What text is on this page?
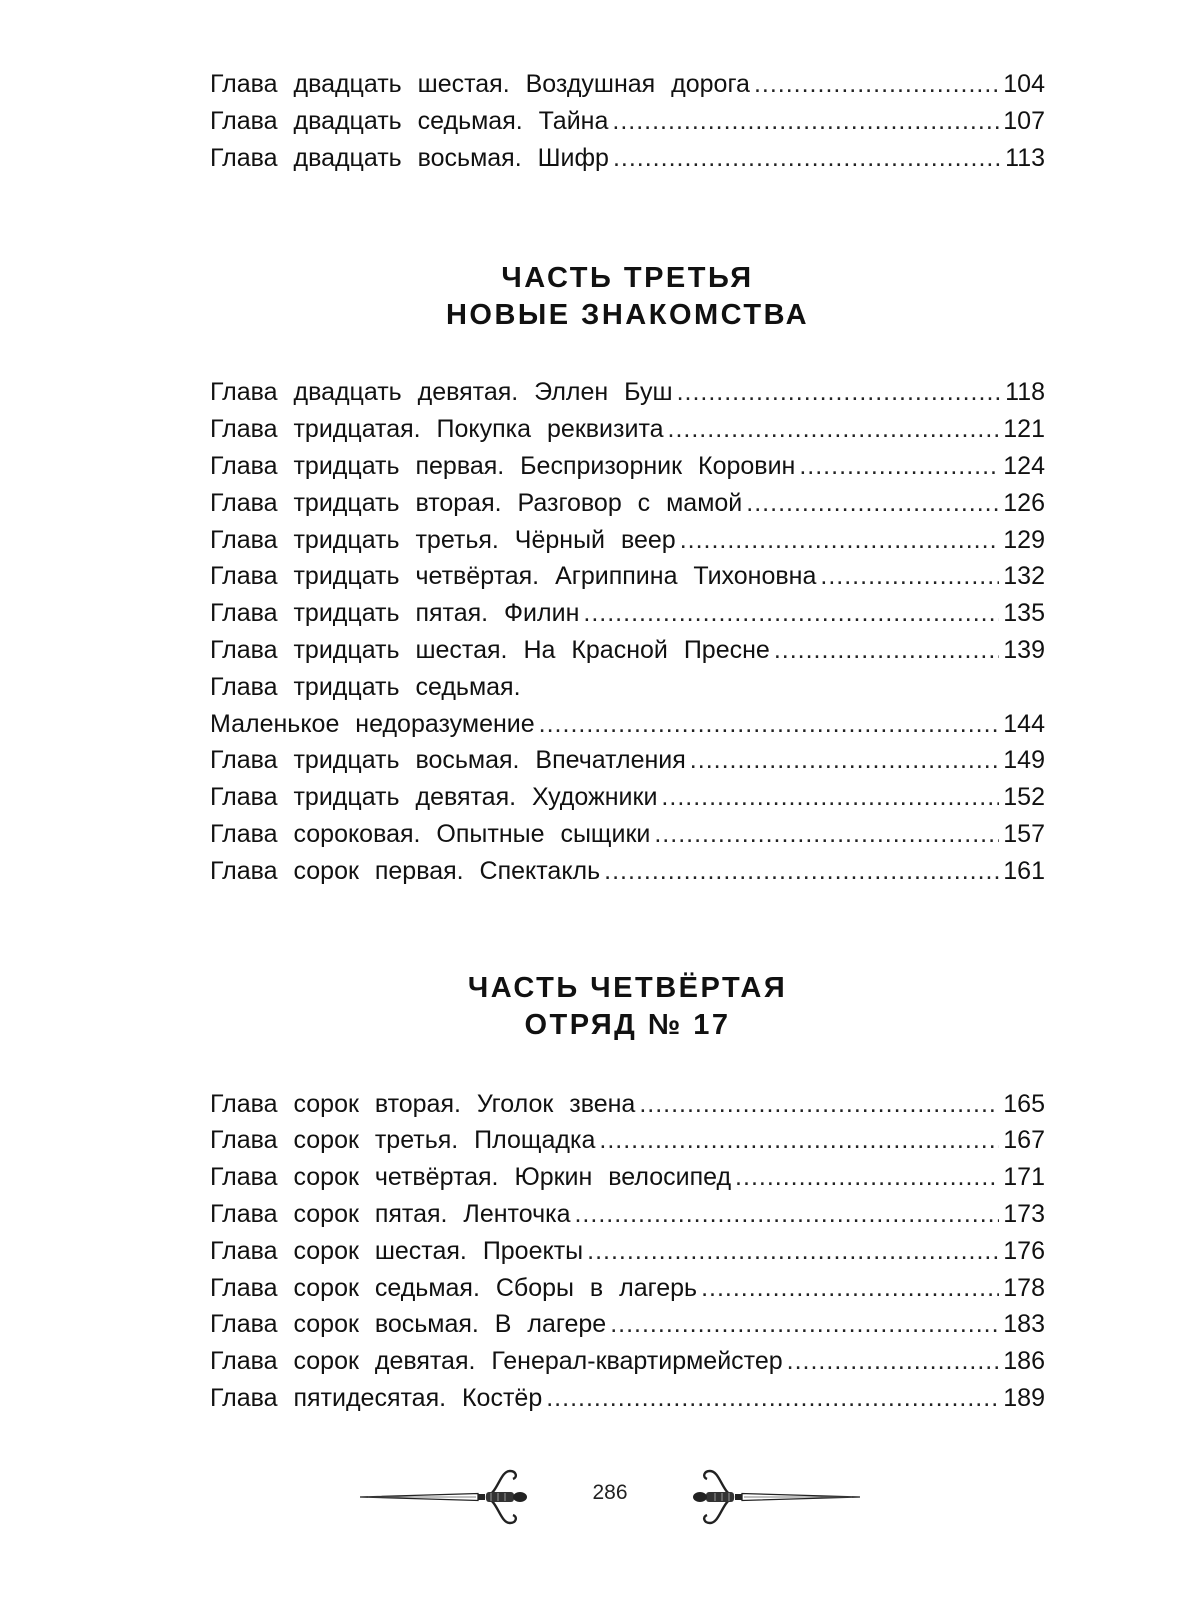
Глава двадцать шестая. Воздушная дорога .....	104
Глава двадцать седьмая. Тайна .....	107
Глава двадцать восьмая. Шифр .....	113
ЧАСТЬ ТРЕТЬЯ
НОВЫЕ ЗНАКОМСТВА
Глава двадцать девятая. Эллен Буш .....	118
Глава тридцатая. Покупка реквизита .....	121
Глава тридцать первая. Беспризорник Коровин .....	124
Глава тридцать вторая. Разговор с мамой .....	126
Глава тридцать третья. Чёрный веер .....	129
Глава тридцать четвёртая. Агриппина Тихоновна .....	132
Глава тридцать пятая. Филин .....	135
Глава тридцать шестая. На Красной Пресне .....	139
Глава тридцать седьмая.
Маленькое недоразумение .....	144
Глава тридцать восьмая. Впечатления .....	149
Глава тридцать девятая. Художники .....	152
Глава сороковая. Опытные сыщики .....	157
Глава сорок первая. Спектакль .....	161
ЧАСТЬ ЧЕТВЁРТАЯ
ОТРЯД № 17
Глава сорок вторая. Уголок звена .....	165
Глава сорок третья. Площадка .....	167
Глава сорок четвёртая. Юркин велосипед .....	171
Глава сорок пятая. Ленточка .....	173
Глава сорок шестая. Проекты .....	176
Глава сорок седьмая. Сборы в лагерь .....	178
Глава сорок восьмая. В лагере .....	183
Глава сорок девятая. Генерал-квартирмейстер .....	186
Глава пятидесятая. Костёр .....	189
286
